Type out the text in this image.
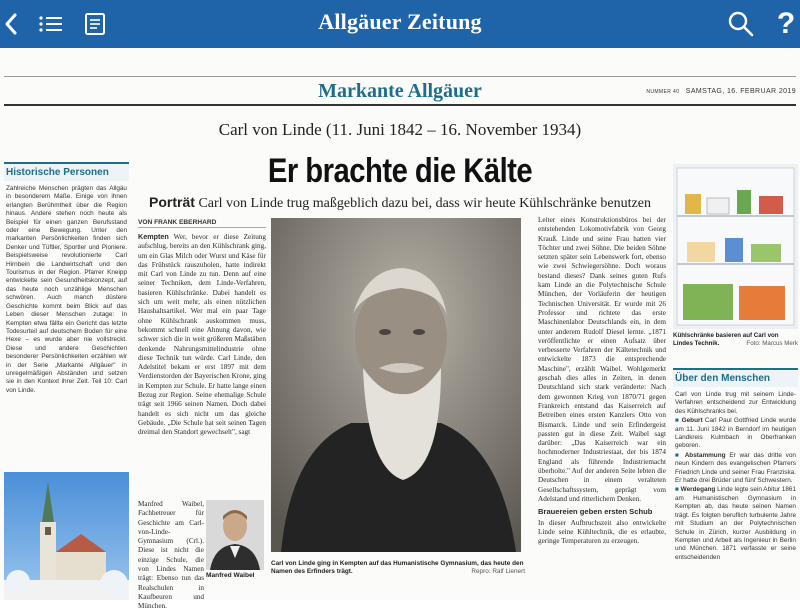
Allgäuer Zeitung	?
Markante Allgäuer	NUMMER 40 SAMSTAG, 16. FEBRUAR 2019
Carl von Linde (11. Juni 1842 – 16. November 1934)
Er brachte die Kälte
Porträt Carl von Linde trug maßgeblich dazu bei, dass wir heute Kühlschränke benutzen
Historische Personen
Zahlreiche Menschen prägten das Allgäu in besonderem Maße. Einige von ihnen erlangten Berühmtheit über die Region hinaus. Andere stehen noch heute als Beispiel für einen ganzen Berufsstand oder eine Bewegung. Unter den markanten Persönlichkeiten finden sich Denker und Tüftler, Sportler und Pioniere. Beispielsweise revolutionierte Carl Hirnbein die Landwirtschaft und den Tourismus in der Region. Pfarrer Kneipp entwickelte sein Gesundheitskonzept, auf das heute noch unzählige Menschen schwören. Auch manch düstere Geschichte kommt beim Blick auf das Leben dieser Menschen zutage: In Kempten etwa fällte ein Gericht das letzte Todesurteil auf deutschem Boden für eine Hexe – es wurde aber nie vollstreckt. Diese und andere Geschichten besonderer Persönlichkeiten erzählen wir in der Serie „Markante Allgäuer" in unregelmäßigen Abständen und setzen sie in den Kontext ihrer Zeit. Teil 10: Carl von Linde.
VON FRANK EBERHARD
Kempten Wer, bevor er diese Zeitung aufschlug, bereits an den Kühlschrank ging, um ein Glas Milch oder Wurst und Käse für das Frühstück rauszuholen, hatte indirekt mit Carl von Linde zu tun. Denn auf eine seiner Techniken, dem Linde-Verfahren, basieren Kühlschränke. Dabei handelt es sich um weit mehr, als einen nützlichen Haushaltsartikel. Wer mal ein paar Tage ohne Kühlschrank auskommen muss, bekommt schnell eine Ahnung davon, wie schwer sich die in weit größeren Maßstäben denkende Nahrungsmittelindustrie ohne diese Technik tun würde. Carl Linde, den Adelstitel bekam er erst 1897 mit dem Verdienstorden der Bayerischen Krone, ging in Kempten zur Schule. Er hatte lange einen Bezug zur Region. Seine ehemalige Schule trägt seit 1966 seinen Namen. Doch dabei handelt es sich nicht um das gleiche Gebäude. „Die Schule hat seit seinen Tagen dreimal den Standort gewechselt", sagt
Manfred Waibel, Fachbetreuer für Geschichte am Carl-von-Linde-Gymnasium (Crl.). Diese ist nicht die einzige Schule, die von Lindes Namen trägt: Ebenso tun das Realschulen in Kaufbeuren und München.
Manfred Waibel
Carl von Linde ging in Kempten auf das Humanistische Gymnasium, das heute den Namen des Erfinders trägt.	Repro: Ralf Lienert
Leiter eines Konstruktionsbüros bei der entstehenden Lokomotivfabrik von Georg Krauß. Linde und seine Frau hatten vier Töchter und zwei Söhne. Die beiden Söhne setzten später sein Lebenswerk fort, ebenso wie zwei Schwiegersöhne. Doch woraus bestand dieses? Dank seines guten Rufs kam Linde an die Polytechnische Schule München, der Vorläuferin der heutigen Technischen Universität. Er wurde mit 26 Professor und richtete das erste Maschinenlabor Deutschlands ein, in dem unter anderem Rudolf Diesel lernte. „1871 veröffentlichte er einen Aufsatz über verbesserte Verfahren der Kältetechnik und entwickelte 1873 die entsprechende Maschine", erzählt Waibel. Wohlgemerkt geschah dies alles in Zeiten, in denen Deutschland sich stark veränderte: Nach dem gewonnen Krieg von 1870/71 gegen Frankreich entstand das Kaiserreich auf Betreiben eines ersten Kanzlers Otto von Bismarck. Linde und sein Erfindergeist passten gut in diese Zeit. Waibel sagt darüber: „Das Kaiserreich war ein hochmoderner Industriestaat, der bis 1874 England als führende Industriemacht überholte." Auf der anderen Seite lebten die Deutschen in einem veralteten Gesellschaftssystem, geprägt vom Adelstand und ritterlichem Denken.
Brauereien geben ersten Schub
In dieser Aufbruchszeit also entwickelte Linde seine Kühltechnik, die es erlaubte, geringe Temperaturen zu erzeugen.
Kühlschränke basieren auf Carl von Lindes Technik.	Foto: Marcus Merk
Über den Menschen

Carl von Linde trug mit seinem Linde-Verfahren entscheidend zur Entwicklung des Kühlschranks bei.

■ Geburt Carl Paul Gottfried Linde wurde am 11. Juni 1842 in Berndorf im heutigen Landkreis Kulmbach in Oberfranken geboren.

■ Abstammung Er war das dritte von neun Kindern des evangelischen Pfarrers Friedrich Linde und seiner Frau Franziska. Er hatte drei Brüder und fünf Schwestern.

■ Werdegang Linde legte sein Abitur 1861 am Humanistischen Gymnasium in Kempten ab, das heute seinen Namen trägt. Es folgten beruflich turbulente Jahre mit Studium an der Polytechnischen Schule in Zürich, kurzer Ausbildung in Kempten und Arbeit als Ingenieur in Berlin und München. 1871 verfasste er seine entscheidenden
